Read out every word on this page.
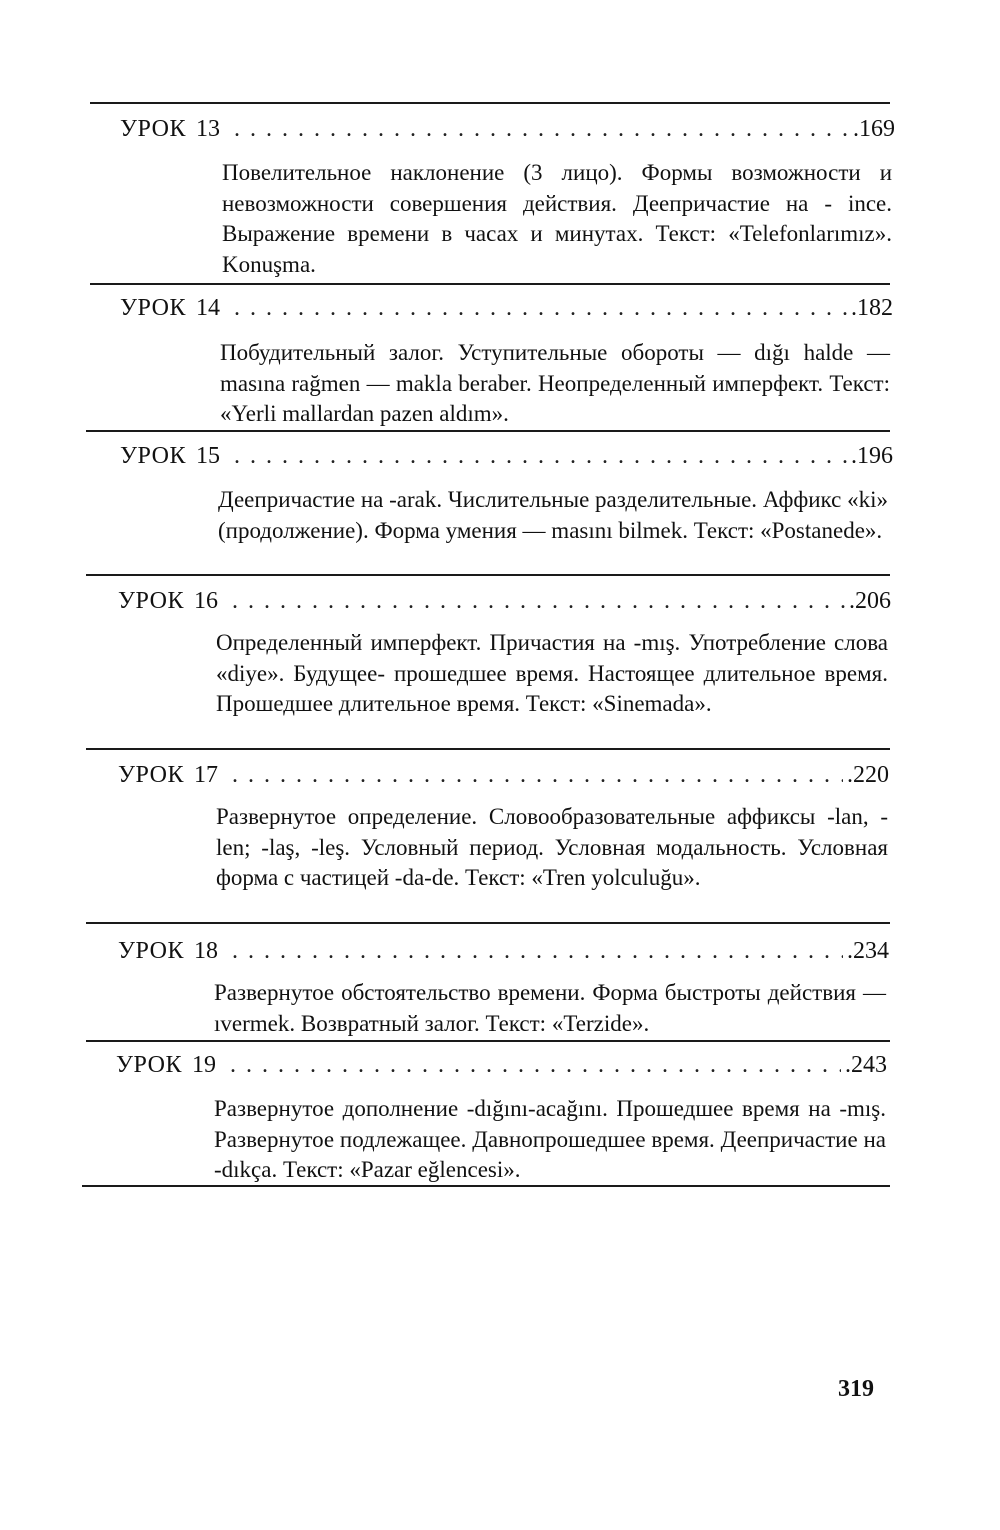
УРОК 13 . . .	.169

Повелительное наклонение (3 лицо). Формы возможности и невозможности совершения действия. Деепричастие на - ince. Выражение времени в часах и минутах. Текст: «Telefonlarımız». Konuşma.

УРОК 14 . . .	.182

Побудительный залог. Уступительные обороты — dığı halde — masına rağmen — makla beraber. Неопределенный имперфект. Текст: «Yerli mallardan pazen aldım».

УРОК 15 . . .	.196

Деепричастие на -arak. Числительные разделительные. Аффикс «ki» (продолжение). Форма умения — masını bilmek. Текст: «Postanede».

УРОК 16 . . .	.206

Определенный имперфект. Причастия на -mış. Употребление слова «diye». Будущее- прошедшее время. Настоящее длительное время. Прошедшее длительное время. Текст: «Sinemada».

УРОК 17 . . .	.220

Развернутое определение. Словообразовательные аффиксы -lan, -len; -laş, -leş. Условный период. Условная модальность. Условная форма с частицей -da-de. Текст: «Tren yolculuğu».

УРОК 18 . . .	.234

Развернутое обстоятельство времени. Форма быстроты действия — ıvermek. Возвратный залог. Текст: «Terzide».

УРОК 19 . . .	.243

Развернутое дополнение -dığını-acağını. Прошедшее время на -mış. Развернутое подлежащее. Давнопрошедшее время. Деепричастие на -dıkça. Текст: «Pazar eğlencesi».

319
